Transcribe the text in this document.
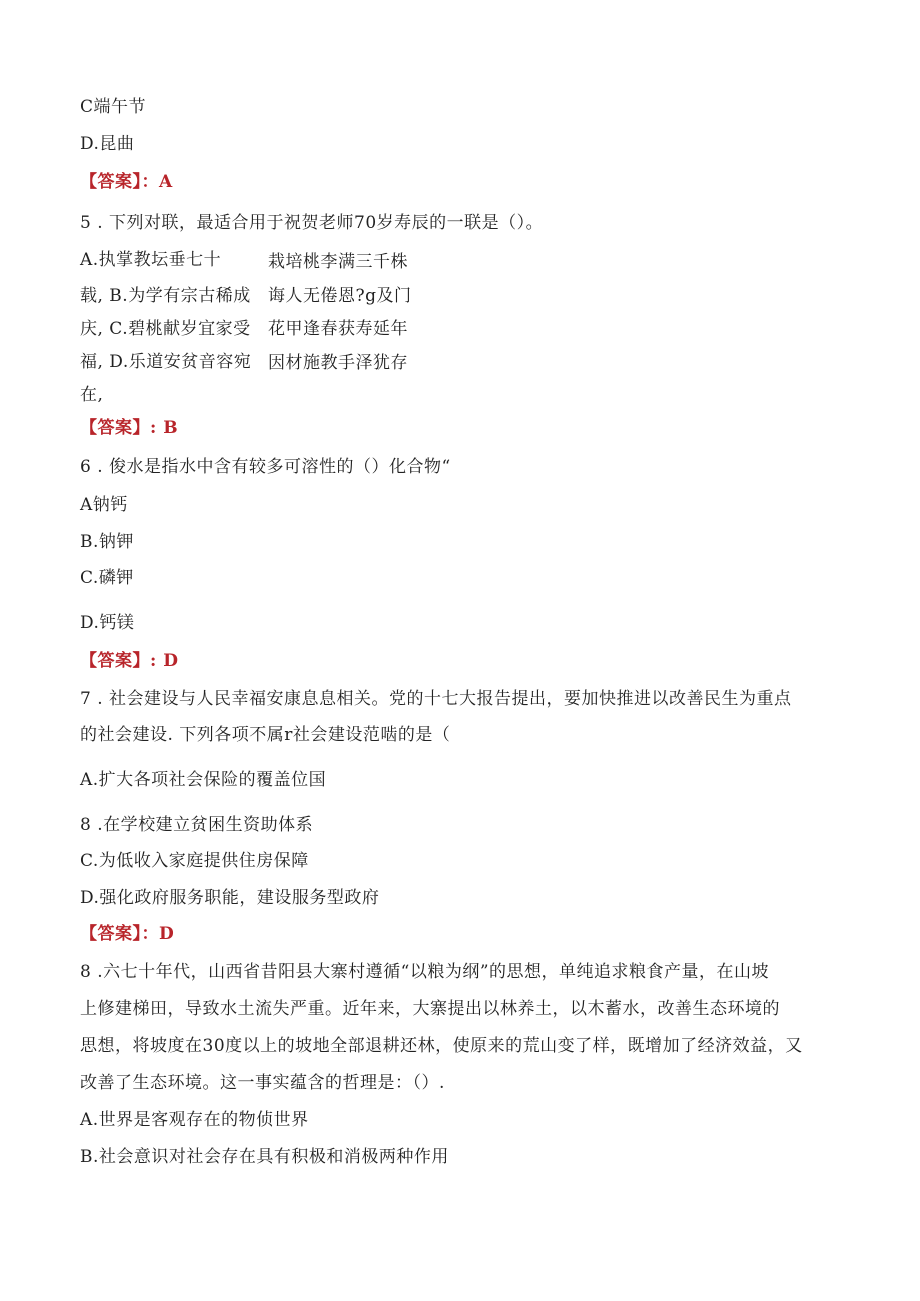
C端午节
D.昆曲
【答案】：A
5 . 下列对联，最适合用于祝贺老师70岁寿辰的一联是（）。
A.执掌教坛垂七十
载, B.为学有宗古稀成
庆, C.碧桃献岁宜家受
福, D.乐道安贫音容宛
在,
栽培桃李满三千株
诲人无倦恩?g及门
花甲逢春获寿延年
因材施教手泽犹存
【答案】: B
6 . 俊水是指水中含有较多可溶性的（）化合物“
A钠钙
B.钠钾
C.磷钾
D.钙镁
【答案】: D
7 . 社会建设与人民幸福安康息息相关。党的十七大报告提出，要加快推进以改善民生为重点
的社会建设. 下列各项不属r社会建设范啮的是（
A.扩大各项社会保险的覆盖位国
8 .在学校建立贫困生资助体系
C.为低收入家庭提供住房保障
D.强化政府服务职能，建设服务型政府
【答案】：D
8 .六七十年代，山西省昔阳县大寨村遵循“以粮为纲”的思想，单纯追求粮食产量，在山坡
上修建梯田，导致水土流失严重。近年来，大寨提出以林养土，以木蓄水，改善生态环境的
思想，将坡度在30度以上的坡地全部退耕还林，使原来的荒山变了样，既增加了经济效益，又
改善了生态环境。这一事实蕴含的哲理是：（）.
A.世界是客观存在的物侦世界
B.社会意识对社会存在具有积极和消极两种作用
